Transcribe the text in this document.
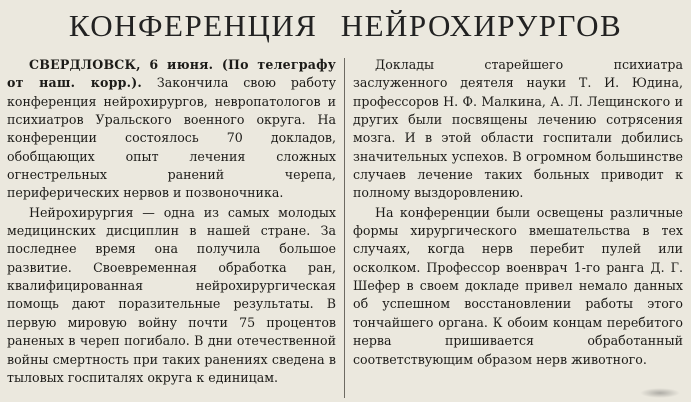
КОНФЕРЕНЦИЯ НЕЙРОХИРУРГОВ

СВЕРДЛОВСК, 6 июня. (По телеграфу от наш. корр.). Закончила свою работу конференция нейрохирургов, невропатологов и психиатров Уральского военного округа. На конференции состоялось 70 докладов, обобщающих опыт лечения сложных огнестрельных ранений черепа, периферических нервов и позвоночника.

Нейрохирургия — одна из самых молодых медицинских дисциплин в нашей стране. За последнее время она получила большое развитие. Своевременная обработка ран, квалифицированная нейрохирургическая помощь дают поразительные результаты. В первую мировую войну почти 75 процентов раненых в череп погибало. В дни отечественной войны смертность при таких ранениях сведена в тыловых госпиталях округа к единицам.

Доклады старейшего психиатра заслуженного деятеля науки Т. И. Юдина, профессоров Н. Ф. Малкина, А. Л. Лещинского и других были посвящены лечению сотрясения мозга. И в этой области госпитали добились значительных успехов. В огромном большинстве случаев лечение таких больных приводит к полному выздоровлению.

На конференции были освещены различные формы хирургического вмешательства в тех случаях, когда нерв перебит пулей или осколком. Профессор военврач 1-го ранга Д. Г. Шефер в своем докладе привел немало данных об успешном восстановлении работы этого тончайшего органа. К обоим концам перебитого нерва пришивается обработанный соответствующим образом нерв животного.
